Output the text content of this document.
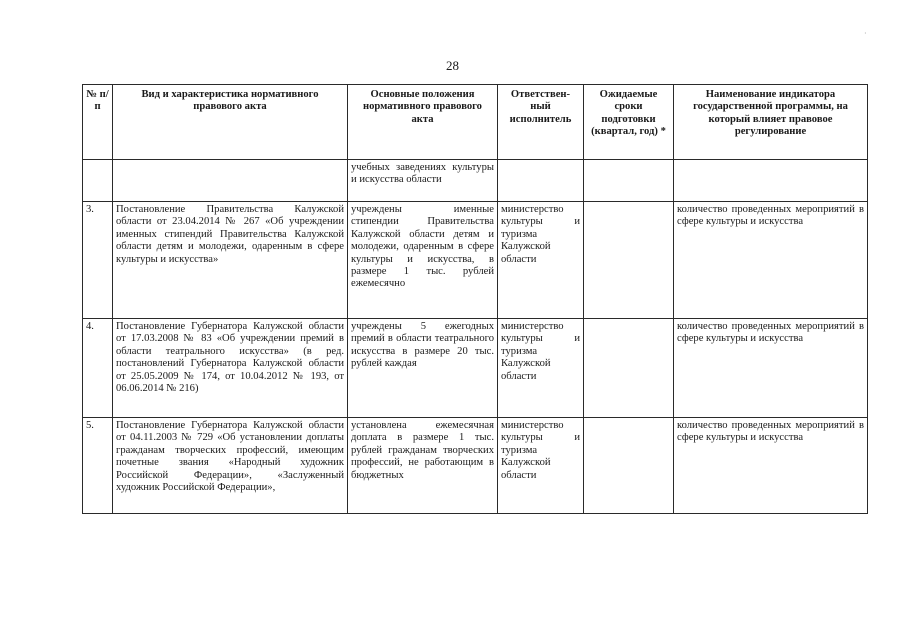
·
28
№ п/п	Вид и характеристика нормативного правового акта	Основные положения нормативного правового акта	Ответствен-ный исполнитель	Ожидаемые сроки подготовки (квартал, год) *	Наименование индикатора государственной программы, на который влияет правовое регулирование
		учебных заведениях культуры и искусства области			
3.	Постановление Правительства Калужской области от 23.04.2014 № 267 «Об учреждении именных стипендий Правительства Калужской области детям и молодежи, одаренным в сфере культуры и искусства»	учреждены именные стипендии Правительства Калужской области детям и молодежи, одаренным в сфере культуры и искусства, в размере 1 тыс. рублей ежемесячно	министерство культуры и туризма Калужской области		количество проведенных мероприятий в сфере культуры и искусства
4.	Постановление Губернатора Калужской области от 17.03.2008 № 83 «Об учреждении премий в области театрального искусства» (в ред. постановлений Губернатора Калужской области от 25.05.2009 № 174, от 10.04.2012 № 193, от 06.06.2014 № 216)	учреждены 5 ежегодных премий в области театрального искусства в размере 20 тыс. рублей каждая	министерство культуры и туризма Калужской области		количество проведенных мероприятий в сфере культуры и искусства
5.	Постановление Губернатора Калужской области от 04.11.2003 № 729 «Об установлении доплаты гражданам творческих профессий, имеющим почетные звания «Народный художник Российской Федерации», «Заслуженный художник Российской Федерации»,	установлена ежемесячная доплата в размере 1 тыс. рублей гражданам творческих профессий, не работающим в бюджетных	министерство культуры и туризма Калужской области		количество проведенных мероприятий в сфере культуры и искусства
